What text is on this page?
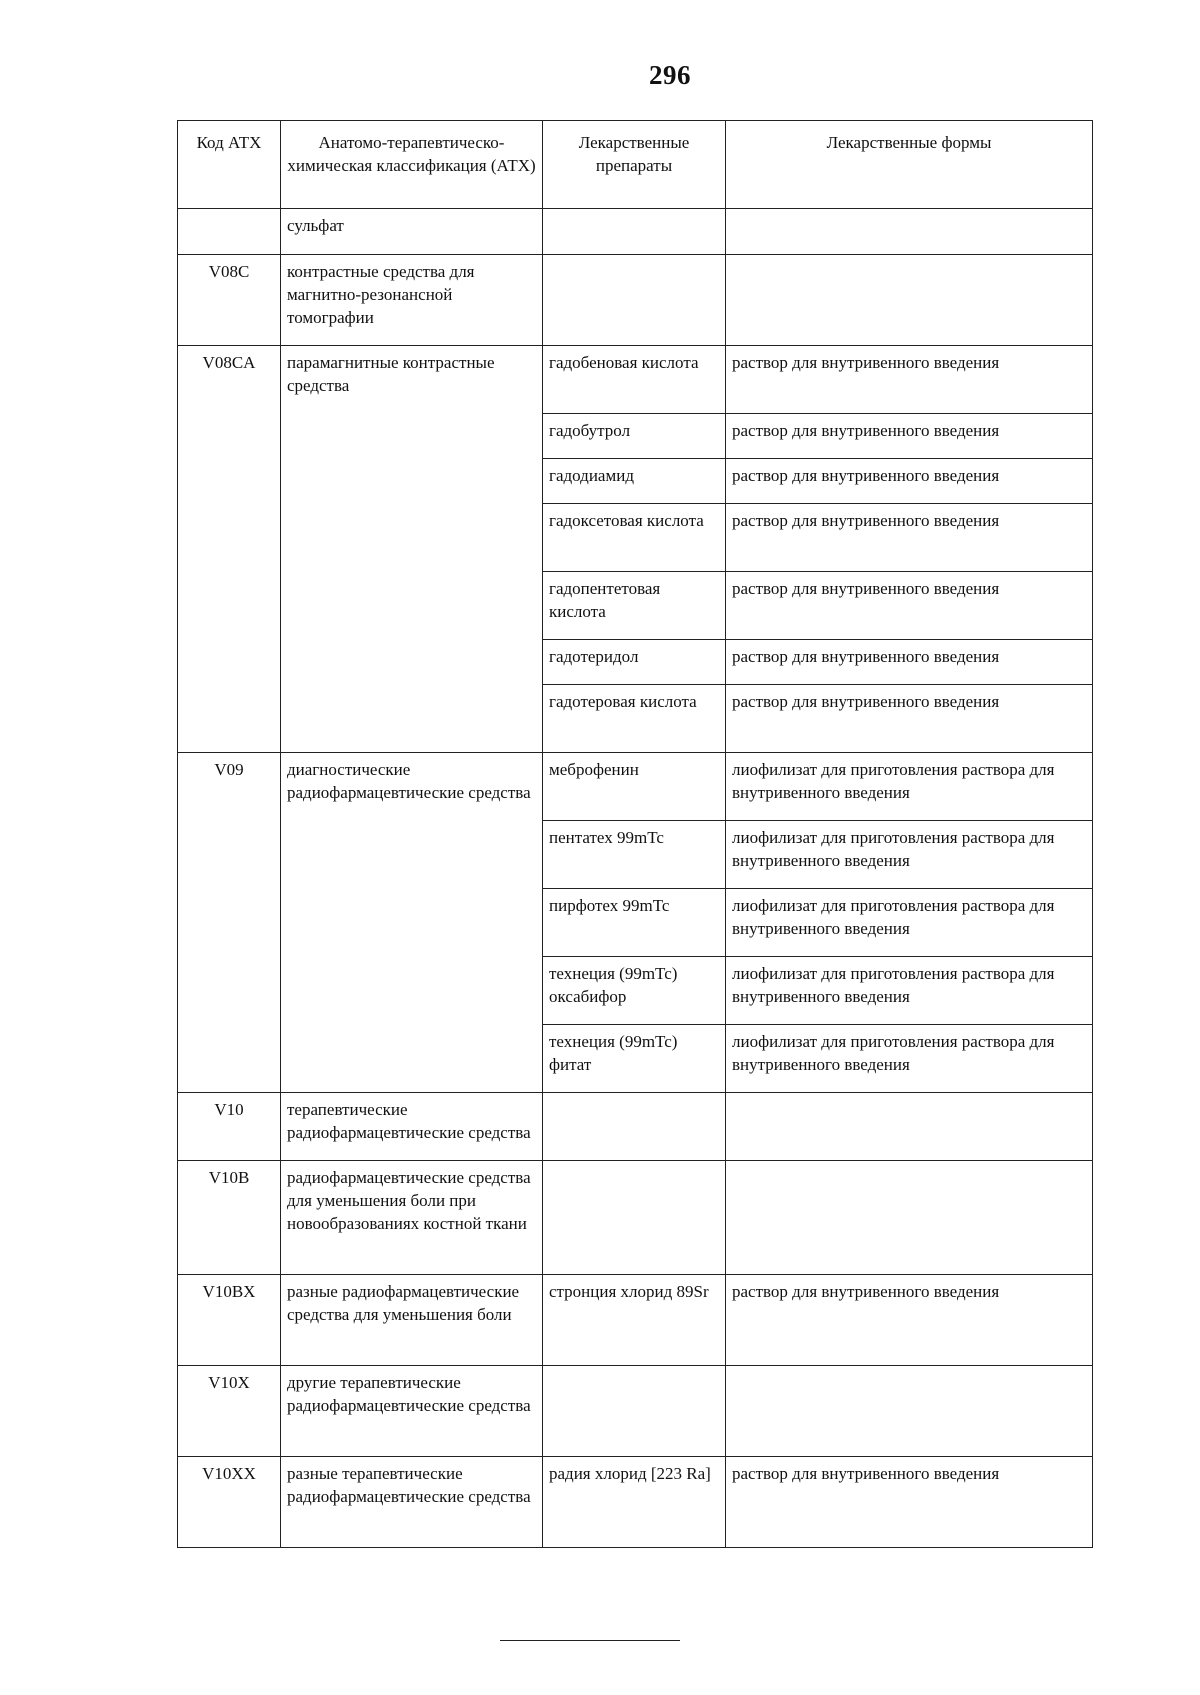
296
Код АТХ	Анатомо-терапевтическо-химическая классификация (АТХ)	Лекарственные препараты	Лекарственные формы
	сульфат		
V08C	контрастные средства для магнитно-резонансной томографии		
V08CA	парамагнитные контрастные средства	гадобеновая кислота	раствор для внутривенного введения
		гадобутрол	раствор для внутривенного введения
		гадодиамид	раствор для внутривенного введения
		гадоксетовая кислота	раствор для внутривенного введения
		гадопентетовая кислота	раствор для внутривенного введения
		гадотеридол	раствор для внутривенного введения
		гадотеровая кислота	раствор для внутривенного введения
V09	диагностические радиофармацевтические средства	меброфенин	лиофилизат для приготовления раствора для внутривенного введения
		пентатех 99mTc	лиофилизат для приготовления раствора для внутривенного введения
		пирфотех 99mTc	лиофилизат для приготовления раствора для внутривенного введения
		технеция (99mTc) оксабифор	лиофилизат для приготовления раствора для внутривенного введения
		технеция (99mTc) фитат	лиофилизат для приготовления раствора для внутривенного введения
V10	терапевтические радиофармацевтические средства		
V10B	радиофармацевтические средства для уменьшения боли при новообразованиях костной ткани		
V10BX	разные радиофармацевтические средства для уменьшения боли	стронция хлорид 89Sr	раствор для внутривенного введения
V10X	другие терапевтические радиофармацевтические средства		
V10XX	разные терапевтические радиофармацевтические средства	радия хлорид [223 Ra]	раствор для внутривенного введения
